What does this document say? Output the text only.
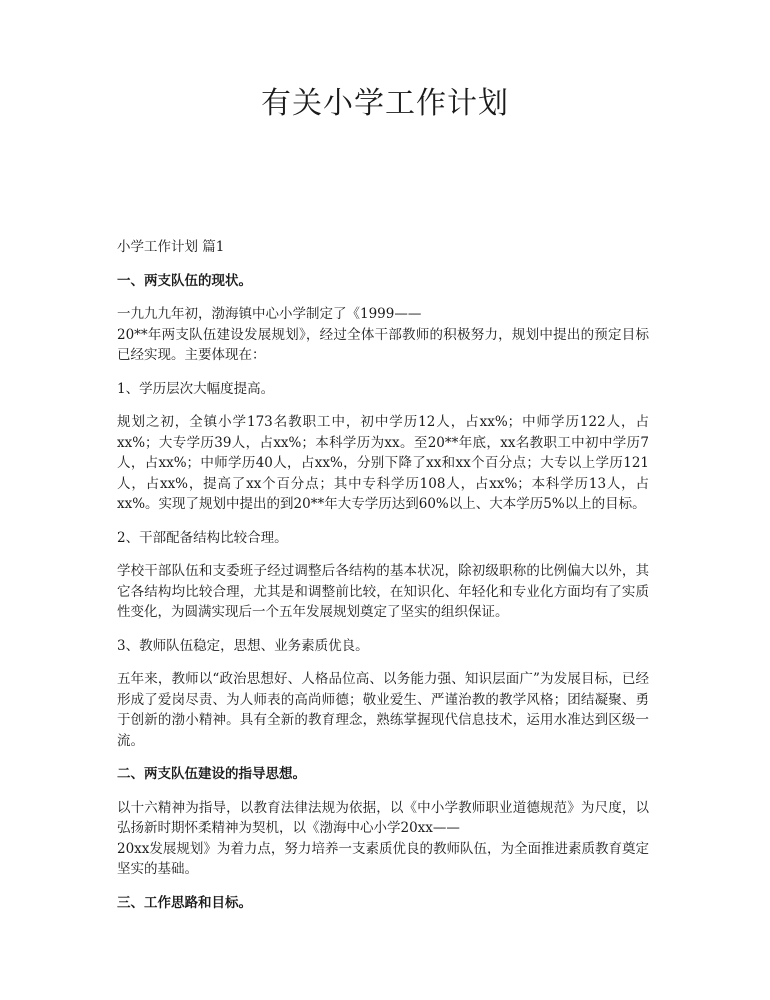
有关小学工作计划

小学工作计划 篇1

一、两支队伍的现状。

一九九九年初，渤海镇中心小学制定了《1999——
20**年两支队伍建设发展规划》，经过全体干部教师的积极努力，规划中提出的预定目标已经实现。主要体现在：

1、学历层次大幅度提高。

规划之初，全镇小学173名教职工中，初中学历12人，占xx%；中师学历122人，占xx%；大专学历39人，占xx%；本科学历为xx。至20**年底，xx名教职工中初中学历7人，占xx%；中师学历40人，占xx%，分别下降了xx和xx个百分点；大专以上学历121人，占xx%，提高了xx个百分点；其中专科学历108人，占xx%；本科学历13人，占xx%。实现了规划中提出的到20**年大专学历达到60%以上、大本学历5%以上的目标。

2、干部配备结构比较合理。

学校干部队伍和支委班子经过调整后各结构的基本状况，除初级职称的比例偏大以外，其它各结构均比较合理，尤其是和调整前比较，在知识化、年轻化和专业化方面均有了实质性变化，为圆满实现后一个五年发展规划奠定了坚实的组织保证。

3、教师队伍稳定，思想、业务素质优良。

五年来，教师以“政治思想好、人格品位高、以务能力强、知识层面广”为发展目标，已经形成了爱岗尽责、为人师表的高尚师德；敬业爱生、严谨治教的教学风格；团结凝聚、勇于创新的渤小精神。具有全新的教育理念，熟练掌握现代信息技术，运用水准达到区级一流。

二、两支队伍建设的指导思想。

以十六精神为指导，以教育法律法规为依据，以《中小学教师职业道德规范》为尺度，以弘扬新时期怀柔精神为契机，以《渤海中心小学20xx——
20xx发展规划》为着力点，努力培养一支素质优良的教师队伍，为全面推进素质教育奠定坚实的基础。

三、工作思路和目标。
